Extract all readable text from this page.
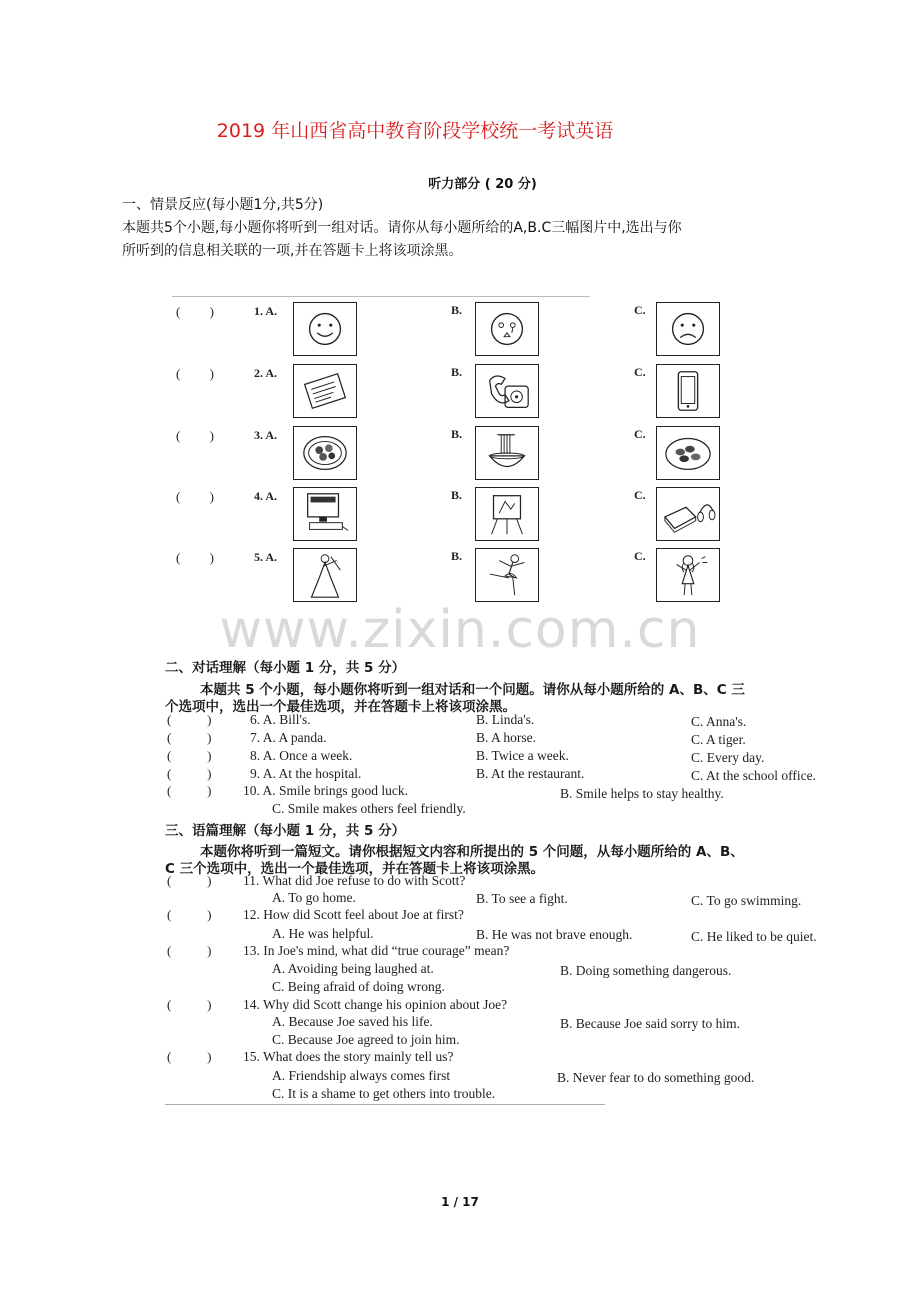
2019 年山西省高中教育阶段学校统一考试英语
听力部分 ( 20 分)
一、情景反应(每小题1分,共5分)
本题共5个小题,每小题你将听到一组对话。请你从每小题所给的A,B.C三幅图片中,选出与你
所听到的信息相关联的一项,并在答题卡上将该项涂黑。
(         )	1. A.	B.	C.
(         )	2. A.	B.	C.
(         )	3. A.	B.	C.
(         )	4. A.	B.	C.
(         )	5. A.	B.	C.
www.zixin.com.cn
二、对话理解（每小题 1 分，共 5 分）
本题共 5 个小题，每小题你将听到一组对话和一个问题。请你从每小题所给的 A、B、C 三
个选项中，选出一个最佳选项，并在答题卡上将该项涂黑。
(           )	6. A. Bill's.	B. Linda's.	C. Anna's.
(           )	7. A. A panda.	B. A horse.	C. A tiger.
(           )	8. A. Once a week.	B. Twice a week.	C. Every day.
(           )	9. A. At the hospital.	B. At the restaurant.	C. At the school office.
(           ) 10. A. Smile brings good luck.	B. Smile helps to stay healthy.
C. Smile makes others feel friendly.
三、语篇理解（每小题 1 分，共 5 分）
本题你将听到一篇短文。请你根据短文内容和所提出的 5 个问题，从每小题所给的 A、B、
C 三个选项中，选出一个最佳选项，并在答题卡上将该项涂黑。
(           ) 11. What did Joe refuse to do with Scott?
A. To go home.	B. To see a fight.	C. To go swimming.
(           ) 12. How did Scott feel about Joe at first?
A. He was helpful.	B. He was not brave enough.	C. He liked to be quiet.
(           ) 13. In Joe's mind, what did “true courage” mean?
A. Avoiding being laughed at.	B. Doing something dangerous.
C. Being afraid of doing wrong.
(           ) 14. Why did Scott change his opinion about Joe?
A. Because Joe saved his life.	B. Because Joe said sorry to him.
C. Because Joe agreed to join him.
(           ) 15. What does the story mainly tell us?
A. Friendship always comes first	B. Never fear to do something good.
C. It is a shame to get others into trouble.
1 / 17
